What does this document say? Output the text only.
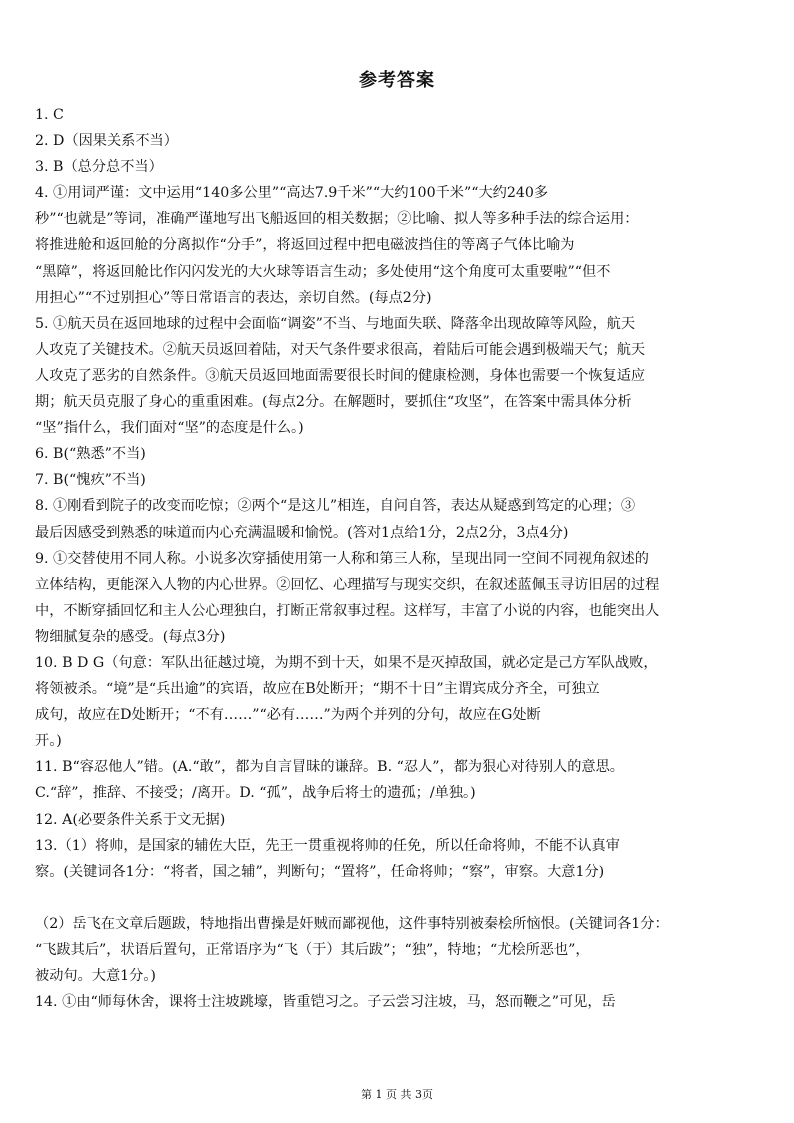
参考答案
1. C
2. D（因果关系不当）
3. B（总分总不当）
4. ①用词严谨：文中运用“140多公里”“高达7.9千米”“大约100千米”“大约240多
秒”“也就是”等词，准确严谨地写出飞船返回的相关数据；②比喻、拟人等多种手法的综合运用：
将推进舱和返回舱的分离拟作“分手”，将返回过程中把电磁波挡住的等离子气体比喻为
“黑障”，将返回舱比作闪闪发光的大火球等语言生动；多处使用“这个角度可太重要啦”“但不
用担心”“不过别担心”等日常语言的表达，亲切自然。(每点2分)
5. ①航天员在返回地球的过程中会面临“调姿”不当、与地面失联、降落伞出现故障等风险，航天
人攻克了关键技术。②航天员返回着陆，对天气条件要求很高，着陆后可能会遇到极端天气；航天
人攻克了恶劣的自然条件。③航天员返回地面需要很长时间的健康检测，身体也需要一个恢复适应
期；航天员克服了身心的重重困难。(每点2分。在解题时，要抓住“攻坚”，在答案中需具体分析
“坚”指什么，我们面对“坚”的态度是什么。)
6. B(“熟悉”不当)
7. B(“愧疚”不当)
8. ①刚看到院子的改变而吃惊；②两个“是这儿”相连，自问自答，表达从疑惑到笃定的心理；③
最后因感受到熟悉的味道而内心充满温暖和愉悦。(答对1点给1分，2点2分，3点4分)
9. ①交替使用不同人称。小说多次穿插使用第一人称和第三人称，呈现出同一空间不同视角叙述的
立体结构，更能深入人物的内心世界。②回忆、心理描写与现实交织，在叙述蓝佩玉寻访旧居的过程
中，不断穿插回忆和主人公心理独白，打断正常叙事过程。这样写，丰富了小说的内容，也能突出人
物细腻复杂的感受。(每点3分)
10. B D G（句意：军队出征越过境，为期不到十天，如果不是灭掉敌国，就必定是己方军队战败，
将领被杀。“境”是“兵出逾”的宾语，故应在B处断开；“期不十日”主谓宾成分齐全，可独立
成句，故应在D处断开；“不有……”“必有……”为两个并列的分句，故应在G处断
开。)
11. B“容忍他人”错。(A.“敢”，都为自言冒昧的谦辞。B. “忍人”，都为狠心对待别人的意思。
C.“辞”，推辞、不接受；/离开。D. “孤”，战争后将士的遗孤；/单独。)
12. A(必要条件关系于文无据)
13.（1）将帅，是国家的辅佐大臣，先王一贯重视将帅的任免，所以任命将帅，不能不认真审
察。(关键词各1分：“将者，国之辅”，判断句；“置将”，任命将帅；“察”，审察。大意1分)
（2）岳飞在文章后题跋，特地指出曹操是奸贼而鄙视他，这件事特别被秦桧所恼恨。(关键词各1分：
“飞跋其后”，状语后置句，正常语序为“飞（于）其后跋”；“独”，特地；“尤桧所恶也”，
被动句。大意1分。)
14. ①由“师每休舍，课将士注坡跳壕，皆重铠习之。子云尝习注坡，马，怒而鞭之”可见，岳
第 1 页 共 3页
